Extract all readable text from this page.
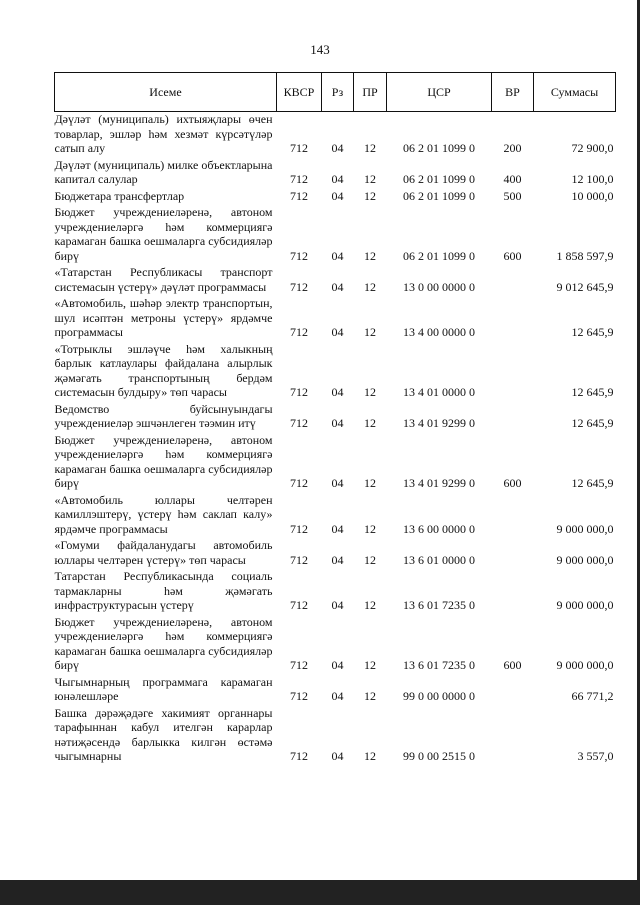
143
Исеме	КВСР	Рз	ПР	ЦСР	ВР	Суммасы
Дәүләт (муниципаль) ихтыяҗлары өчен товарлар, эшләр һәм хезмәт күрсәтүләр сатып алу	712	04	12	06 2 01 1099 0	200	72 900,0
Дәүләт (муниципаль) милке объектларына капитал салулар	712	04	12	06 2 01 1099 0	400	12 100,0
Бюджетара трансфертлар	712	04	12	06 2 01 1099 0	500	10 000,0
Бюджет учреждениеләренә, автоном учреждениеләргә һәм коммерциягә карамаган башка оешмаларга субсидияләр бирү	712	04	12	06 2 01 1099 0	600	1 858 597,9
«Татарстан Республикасы транспорт системасын үстерү» дәүләт программасы	712	04	12	13 0 00 0000 0		9 012 645,9
«Автомобиль, шәһәр электр транспортын, шул исәптән метроны үстерү» ярдәмче программасы	712	04	12	13 4 00 0000 0		12 645,9
«Тотрыклы эшләүче һәм халыкның барлык катлаулары файдалана алырлык җәмәгать транспортының бердәм системасын булдыру» төп чарасы	712	04	12	13 4 01 0000 0		12 645,9
Ведомство буйсынуындагы учреждениеләр эшчәнлеген тәэмин итү	712	04	12	13 4 01 9299 0		12 645,9
Бюджет учреждениеләренә, автоном учреждениеләргә һәм коммерциягә карамаган башка оешмаларга субсидияләр бирү	712	04	12	13 4 01 9299 0	600	12 645,9
«Автомобиль юллары челтәрен камиллэштерү, үстерү һәм саклап калу» ярдәмче программасы	712	04	12	13 6 00 0000 0		9 000 000,0
«Гомуми файдаланудагы автомобиль юллары челтәрен үстерү» төп чарасы	712	04	12	13 6 01 0000 0		9 000 000,0
Татарстан Республикасында социаль тармакларны һәм җәмәгать инфраструктурасын үстерү	712	04	12	13 6 01 7235 0		9 000 000,0
Бюджет учреждениеләренә, автоном учреждениеләргә һәм коммерциягә карамаган башка оешмаларга субсидияләр бирү	712	04	12	13 6 01 7235 0	600	9 000 000,0
Чыгымнарның программага карамаган юнәлешләре	712	04	12	99 0 00 0000 0		66 771,2
Башка дәрәҗәдәге хакимият органнары тарафыннан кабул ителгән карарлар нәтиҗәсендә барлыкка килгән өстәмә чыгымнарны	712	04	12	99 0 00 2515 0		3 557,0
